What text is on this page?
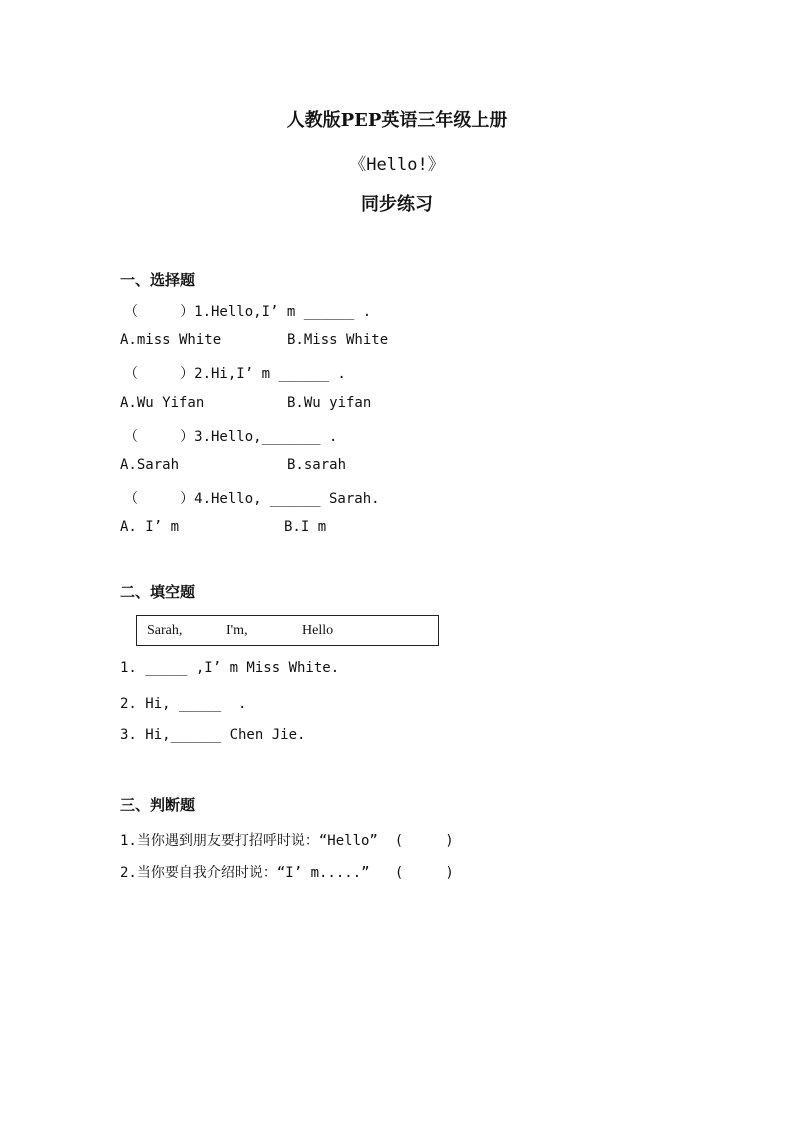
人教版PEP英语三年级上册
《Hello!》
同步练习
一、选择题
（     ）1.Hello,I’ m ______ .
A.miss White	B.Miss White
（     ）2.Hi,I’ m ______ .
A.Wu Yifan	B.Wu yifan
（     ）3.Hello,_______ .
A.Sarah	B.sarah
（     ）4.Hello, ______ Sarah.
A. I’ m	B.I m
二、填空题
Sarah,	I'm,	Hello
1. _____ ,I’ m Miss White.
2. Hi, _____  .
3. Hi,______ Chen Jie.
三、判断题
1.当你遇到朋友要打招呼时说：“Hello”  (     )
2.当你要自我介绍时说：“I’ m.....”   (     )
